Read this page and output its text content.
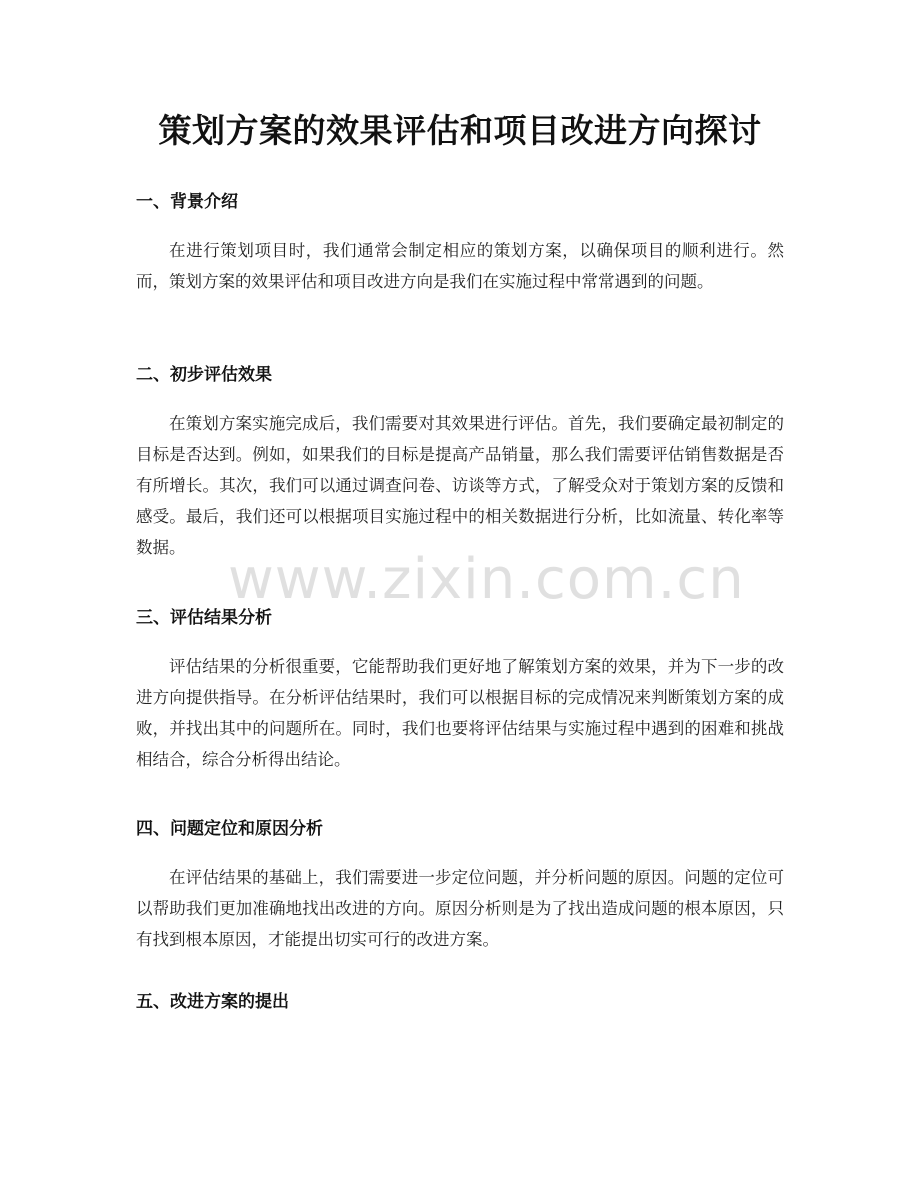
策划方案的效果评估和项目改进方向探讨
一、背景介绍

在进行策划项目时，我们通常会制定相应的策划方案，以确保项目的顺利进行。然而，策划方案的效果评估和项目改进方向是我们在实施过程中常常遇到的问题。

二、初步评估效果

在策划方案实施完成后，我们需要对其效果进行评估。首先，我们要确定最初制定的目标是否达到。例如，如果我们的目标是提高产品销量，那么我们需要评估销售数据是否有所增长。其次，我们可以通过调查问卷、访谈等方式，了解受众对于策划方案的反馈和感受。最后，我们还可以根据项目实施过程中的相关数据进行分析，比如流量、转化率等数据。

三、评估结果分析

评估结果的分析很重要，它能帮助我们更好地了解策划方案的效果，并为下一步的改进方向提供指导。在分析评估结果时，我们可以根据目标的完成情况来判断策划方案的成败，并找出其中的问题所在。同时，我们也要将评估结果与实施过程中遇到的困难和挑战相结合，综合分析得出结论。

四、问题定位和原因分析

在评估结果的基础上，我们需要进一步定位问题，并分析问题的原因。问题的定位可以帮助我们更加准确地找出改进的方向。原因分析则是为了找出造成问题的根本原因，只有找到根本原因，才能提出切实可行的改进方案。

五、改进方案的提出
www.zixin.com.cn
